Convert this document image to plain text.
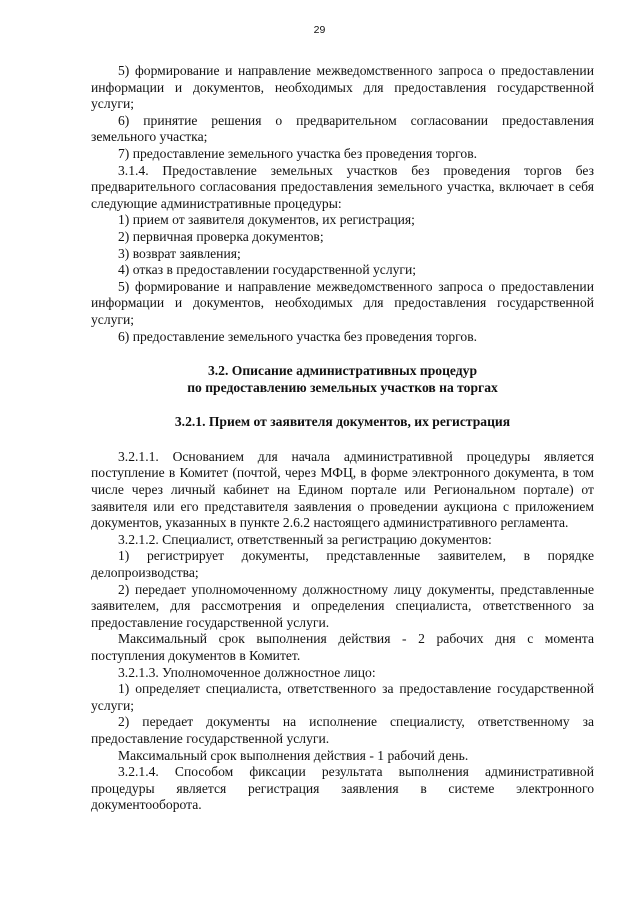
29

5) формирование и направление межведомственного запроса о предоставлении информации и документов, необходимых для предоставления государственной услуги;

6) принятие решения о предварительном согласовании предоставления земельного участка;

7) предоставление земельного участка без проведения торгов.

3.1.4. Предоставление земельных участков без проведения торгов без предварительного согласования предоставления земельного участка, включает в себя следующие административные процедуры:

1) прием от заявителя документов, их регистрация;

2) первичная проверка документов;

3) возврат заявления;

4) отказ в предоставлении государственной услуги;

5) формирование и направление межведомственного запроса о предоставлении информации и документов, необходимых для предоставления государственной услуги;

6) предоставление земельного участка без проведения торгов.

3.2. Описание административных процедур
по предоставлению земельных участков на торгах
3.2.1. Прием от заявителя документов, их регистрация

3.2.1.1. Основанием для начала административной процедуры является поступление в Комитет (почтой, через МФЦ, в форме электронного документа, в том числе через личный кабинет на Едином портале или Региональном портале) от заявителя или его представителя заявления о проведении аукциона с приложением документов, указанных в пункте 2.6.2 настоящего административного регламента.

3.2.1.2. Специалист, ответственный за регистрацию документов:

1) регистрирует документы, представленные заявителем, в порядке делопроизводства;

2) передает уполномоченному должностному лицу документы, представленные заявителем, для рассмотрения и определения специалиста, ответственного за предоставление государственной услуги.

Максимальный срок выполнения действия - 2 рабочих дня с момента поступления документов в Комитет.

3.2.1.3. Уполномоченное должностное лицо:

1) определяет специалиста, ответственного за предоставление государственной услуги;

2) передает документы на исполнение специалисту, ответственному за предоставление государственной услуги.

Максимальный срок выполнения действия - 1 рабочий день.

3.2.1.4. Способом фиксации результата выполнения административной процедуры является регистрация заявления в системе электронного документооборота.
